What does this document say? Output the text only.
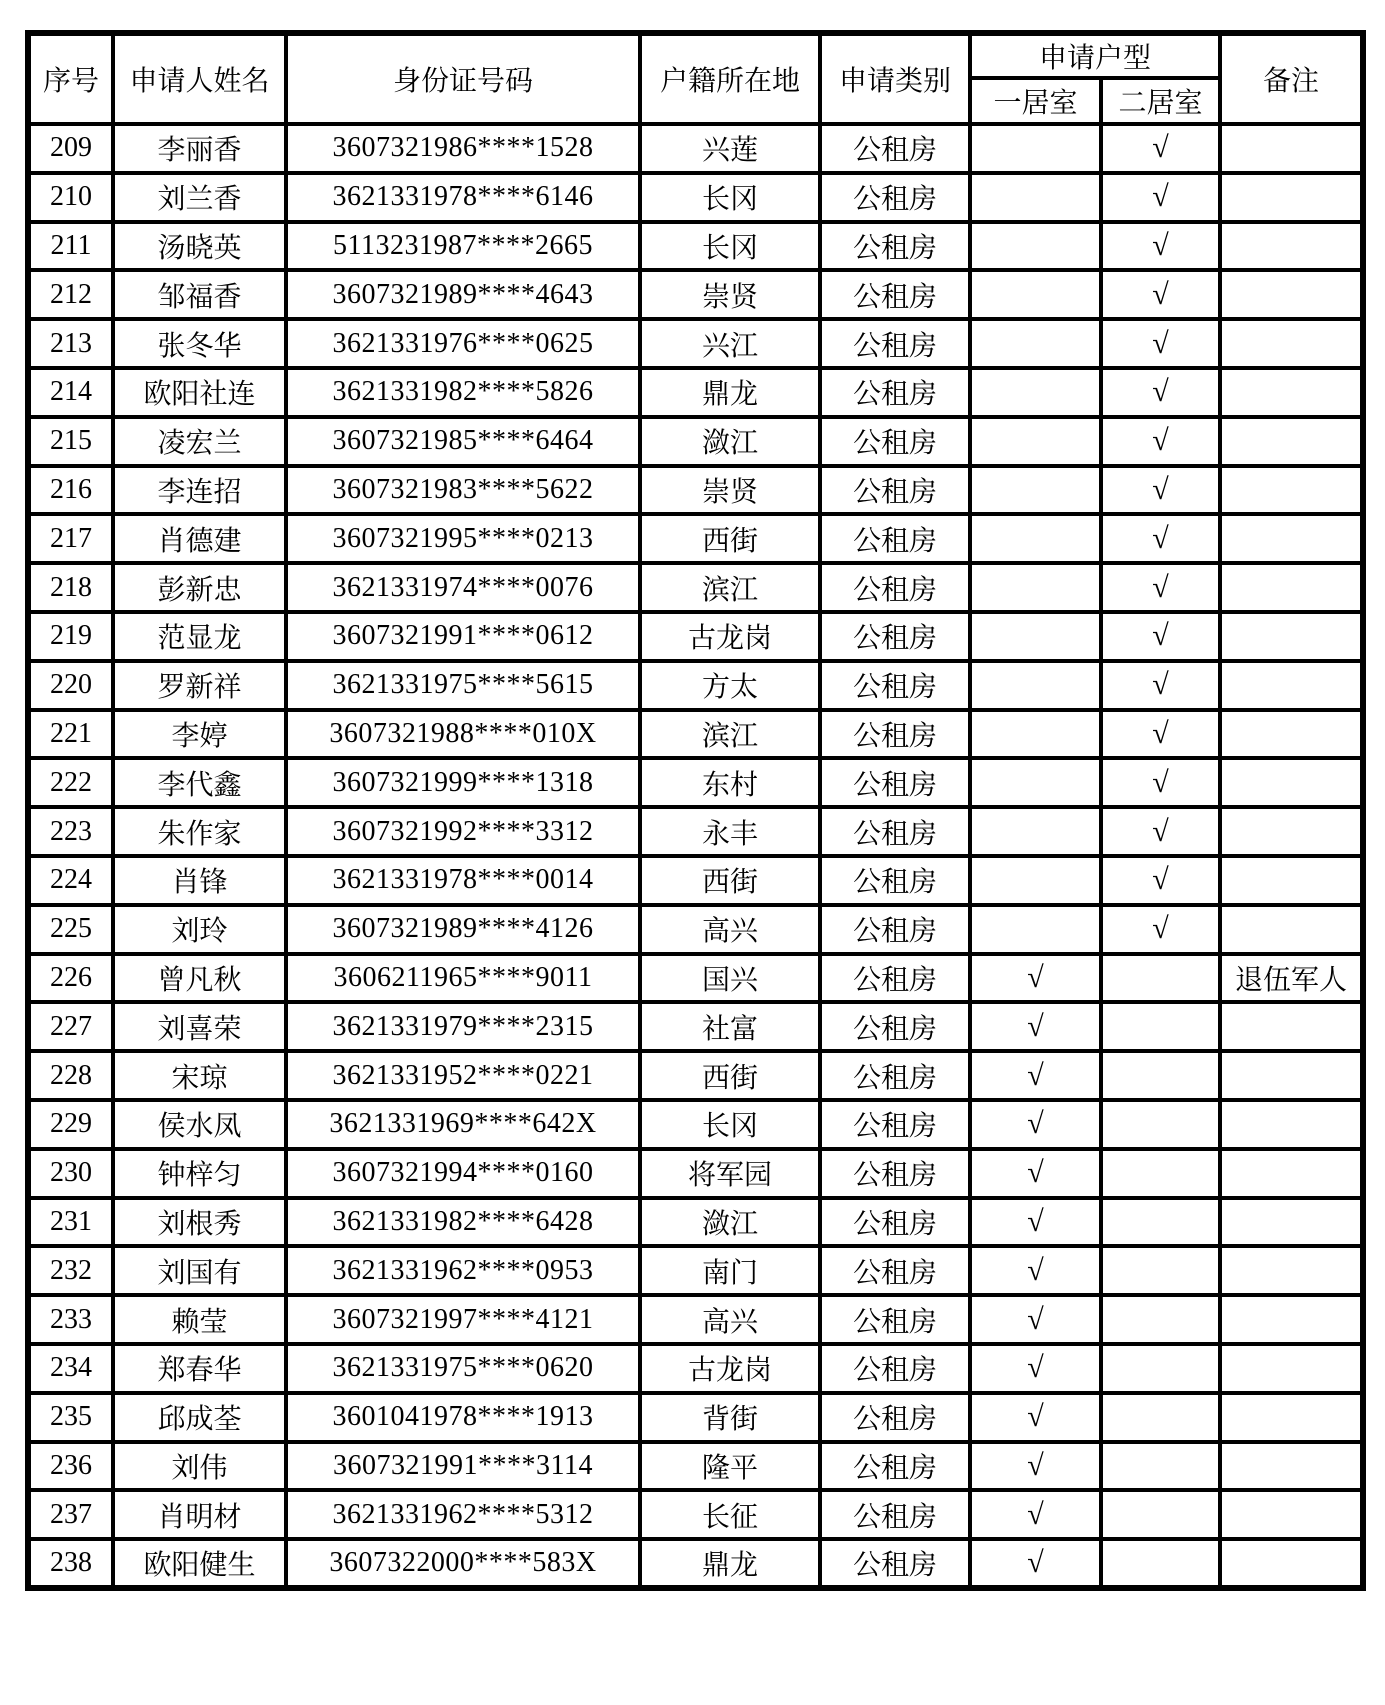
序号	申请人姓名	身份证号码	户籍所在地	申请类别	申请户型		备注
					一居室	二居室	
209	李丽香	3607321986****1528	兴莲	公租房		√	
210	刘兰香	3621331978****6146	长冈	公租房		√	
211	汤晓英	5113231987****2665	长冈	公租房		√	
212	邹福香	3607321989****4643	崇贤	公租房		√	
213	张冬华	3621331976****0625	兴江	公租房		√	
214	欧阳社连	3621331982****5826	鼎龙	公租房		√	
215	凌宏兰	3607321985****6464	潋江	公租房		√	
216	李连招	3607321983****5622	崇贤	公租房		√	
217	肖德建	3607321995****0213	西街	公租房		√	
218	彭新忠	3621331974****0076	滨江	公租房		√	
219	范显龙	3607321991****0612	古龙岗	公租房		√	
220	罗新祥	3621331975****5615	方太	公租房		√	
221	李婷	3607321988****010X	滨江	公租房		√	
222	李代鑫	3607321999****1318	东村	公租房		√	
223	朱作家	3607321992****3312	永丰	公租房		√	
224	肖锋	3621331978****0014	西街	公租房		√	
225	刘玲	3607321989****4126	高兴	公租房		√	
226	曾凡秋	3606211965****9011	国兴	公租房	√		退伍军人
227	刘喜荣	3621331979****2315	社富	公租房	√		
228	宋琼	3621331952****0221	西街	公租房	√		
229	侯水凤	3621331969****642X	长冈	公租房	√		
230	钟梓匀	3607321994****0160	将军园	公租房	√		
231	刘根秀	3621331982****6428	潋江	公租房	√		
232	刘国有	3621331962****0953	南门	公租房	√		
233	赖莹	3607321997****4121	高兴	公租房	√		
234	郑春华	3621331975****0620	古龙岗	公租房	√		
235	邱成荃	3601041978****1913	背街	公租房	√		
236	刘伟	3607321991****3114	隆平	公租房	√		
237	肖明材	3621331962****5312	长征	公租房	√		
238	欧阳健生	3607322000****583X	鼎龙	公租房	√		
